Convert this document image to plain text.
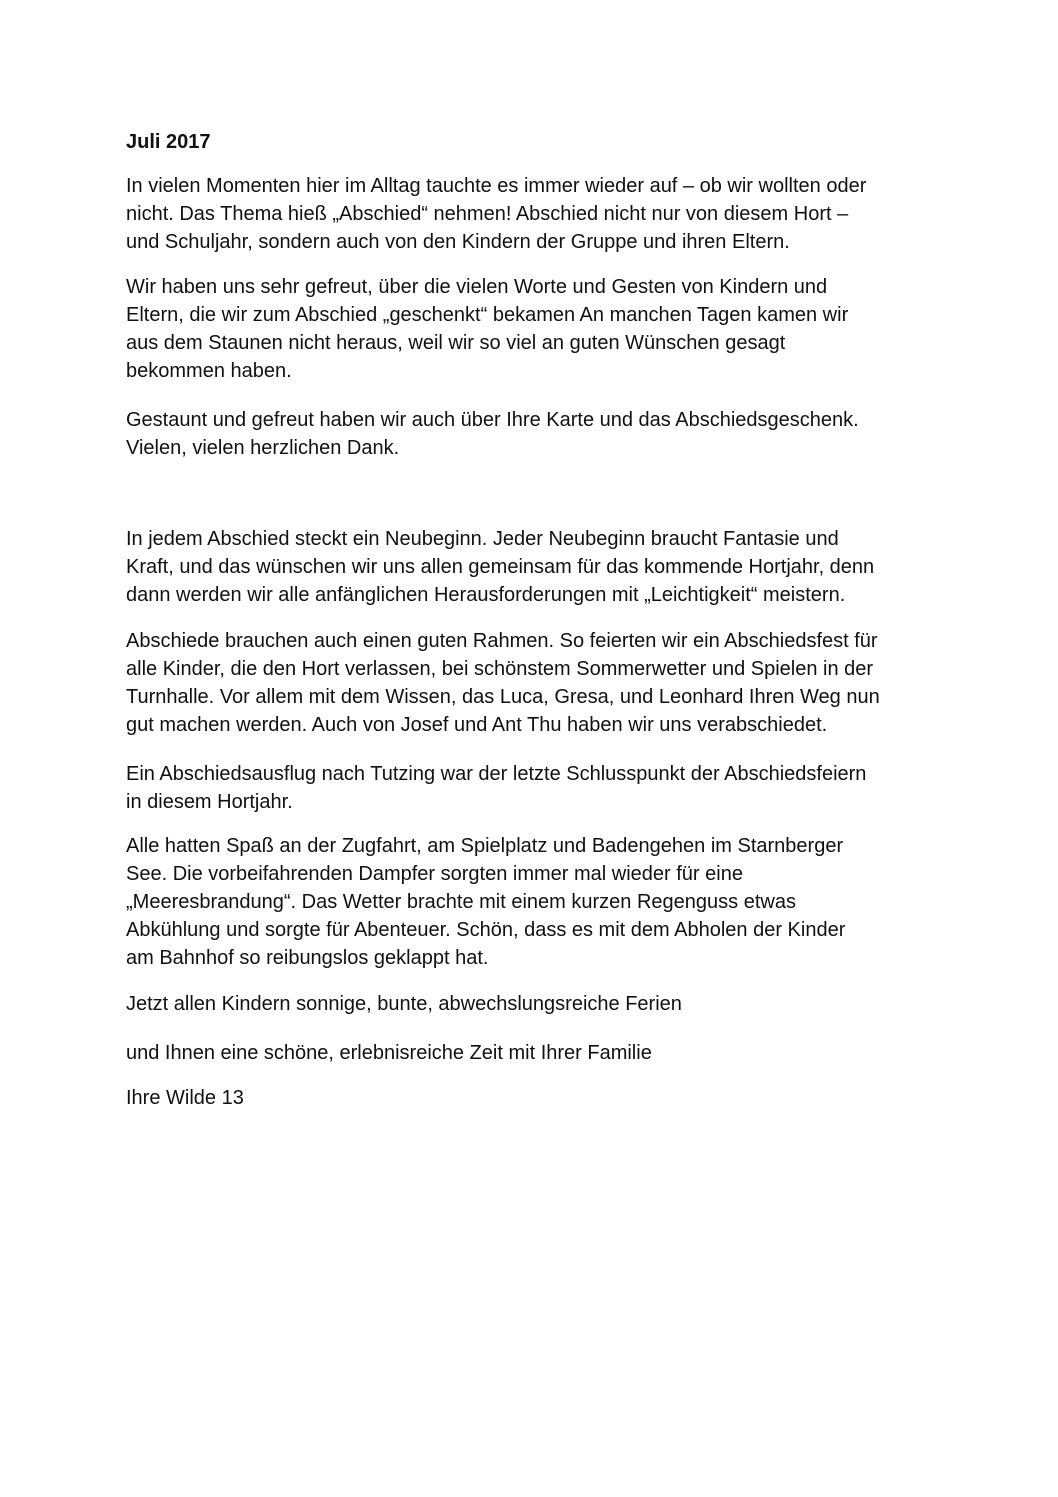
Juli 2017
In vielen Momenten hier im Alltag tauchte es immer wieder auf – ob wir wollten oder
nicht. Das Thema hieß „Abschied“ nehmen! Abschied nicht nur von diesem Hort –
und Schuljahr, sondern auch von den Kindern der Gruppe und ihren Eltern.
Wir haben uns sehr gefreut, über die vielen Worte und Gesten von Kindern und
Eltern, die wir zum Abschied „geschenkt“ bekamen An manchen Tagen kamen wir
aus dem Staunen nicht heraus, weil wir so viel an guten Wünschen gesagt
bekommen haben.
Gestaunt und gefreut haben wir auch über Ihre Karte und das Abschiedsgeschenk.
Vielen, vielen herzlichen Dank.
In jedem Abschied steckt ein Neubeginn. Jeder Neubeginn braucht Fantasie und
Kraft, und das wünschen wir uns allen gemeinsam für das kommende Hortjahr, denn
dann werden wir alle anfänglichen Herausforderungen mit „Leichtigkeit“ meistern.
Abschiede brauchen auch einen guten Rahmen. So feierten wir ein Abschiedsfest für
alle Kinder, die den Hort verlassen, bei schönstem Sommerwetter und Spielen in der
Turnhalle. Vor allem mit dem Wissen, das Luca, Gresa, und Leonhard Ihren Weg nun
gut machen werden. Auch von Josef und Ant Thu haben wir uns verabschiedet.
Ein Abschiedsausflug nach Tutzing war der letzte Schlusspunkt der Abschiedsfeiern
in diesem Hortjahr.
Alle hatten Spaß an der Zugfahrt, am Spielplatz und Badengehen im Starnberger
See. Die vorbeifahrenden Dampfer sorgten immer mal wieder für eine
„Meeresbrandung“. Das Wetter brachte mit einem kurzen Regenguss etwas
Abkühlung und sorgte für Abenteuer. Schön, dass es mit dem Abholen der Kinder
am Bahnhof so reibungslos geklappt hat.
Jetzt allen Kindern sonnige, bunte, abwechslungsreiche Ferien
und Ihnen eine schöne, erlebnisreiche Zeit mit Ihrer Familie
Ihre Wilde 13
